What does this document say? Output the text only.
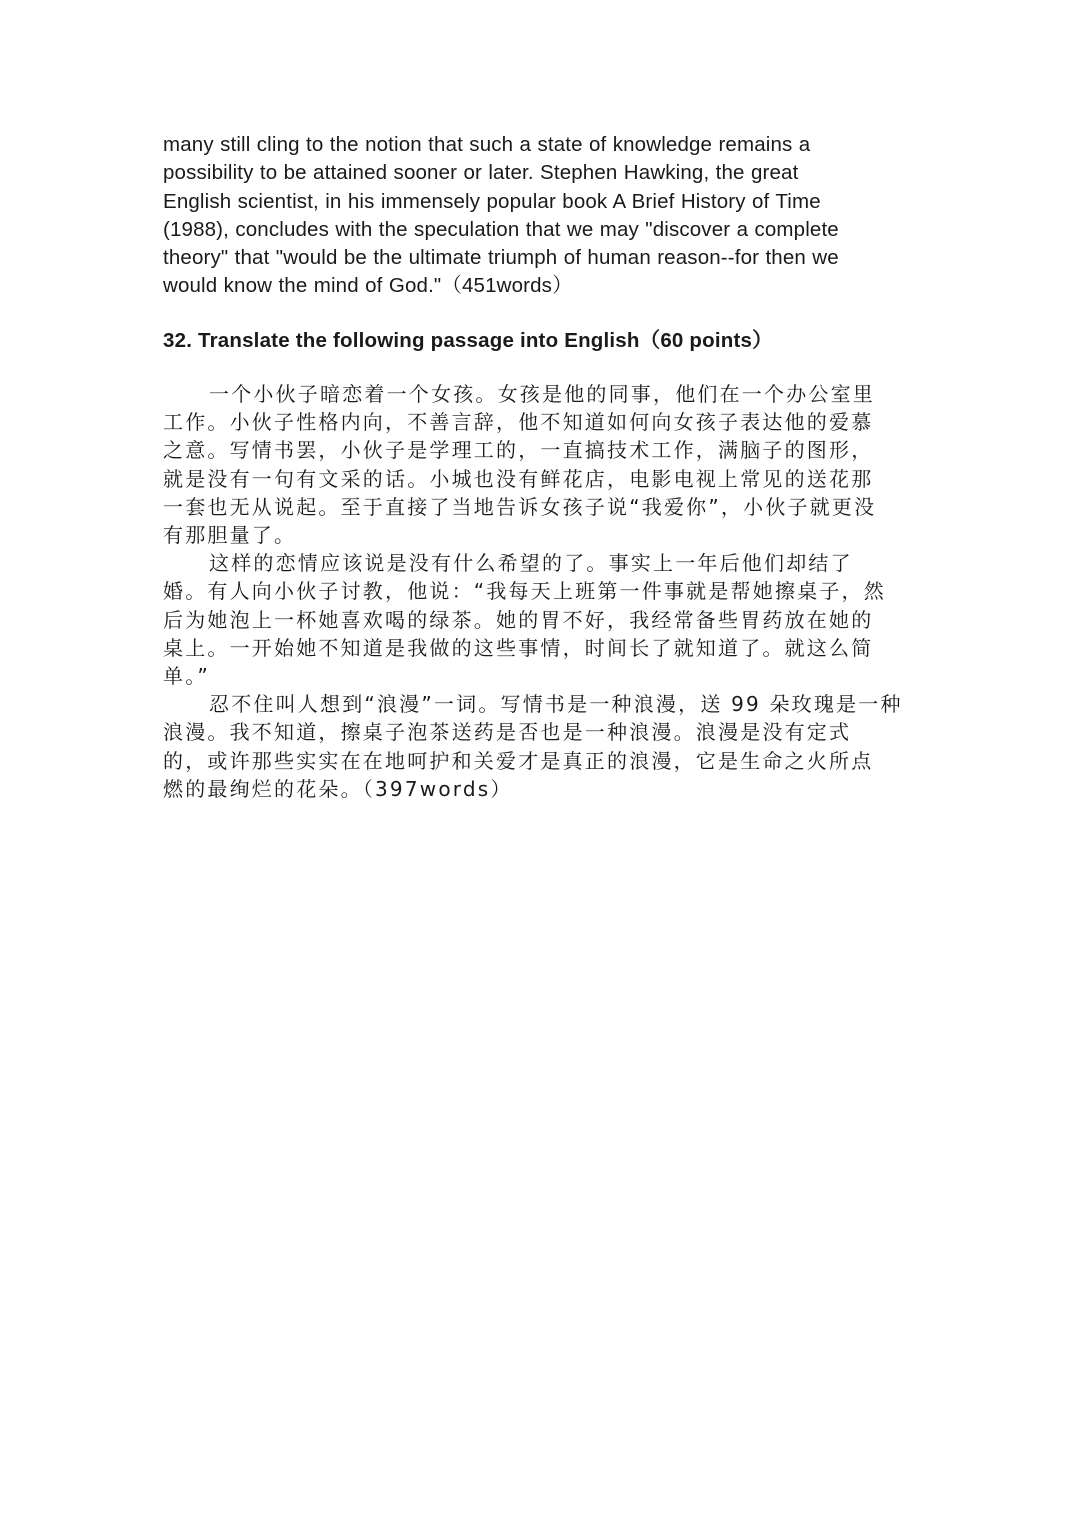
many still cling to the notion that such a state of knowledge remains a
possibility to be attained sooner or later. Stephen Hawking, the great
English scientist, in his immensely popular book A Brief History of Time
(1988), concludes with the speculation that we may "discover a complete
theory" that "would be the ultimate triumph of human reason--for then we
would know the mind of God."（451words）
32. Translate the following passage into English（60 points）

一个小伙子暗恋着一个女孩。女孩是他的同事，他们在一个办公室里
工作。小伙子性格内向，不善言辞，他不知道如何向女孩子表达他的爱慕
之意。写情书罢，小伙子是学理工的，一直搞技术工作，满脑子的图形，
就是没有一句有文采的话。小城也没有鲜花店，电影电视上常见的送花那
一套也无从说起。至于直接了当地告诉女孩子说“我爱你”，小伙子就更没
有那胆量了。

这样的恋情应该说是没有什么希望的了。事实上一年后他们却结了
婚。有人向小伙子讨教，他说：“我每天上班第一件事就是帮她擦桌子，然
后为她泡上一杯她喜欢喝的绿茶。她的胃不好，我经常备些胃药放在她的
桌上。一开始她不知道是我做的这些事情，时间长了就知道了。就这么简
单。”

忍不住叫人想到“浪漫”一词。写情书是一种浪漫，送 99 朵玫瑰是一种
浪漫。我不知道，擦桌子泡茶送药是否也是一种浪漫。浪漫是没有定式
的，或许那些实实在在地呵护和关爱才是真正的浪漫，它是生命之火所点
燃的最绚烂的花朵。（397words）
